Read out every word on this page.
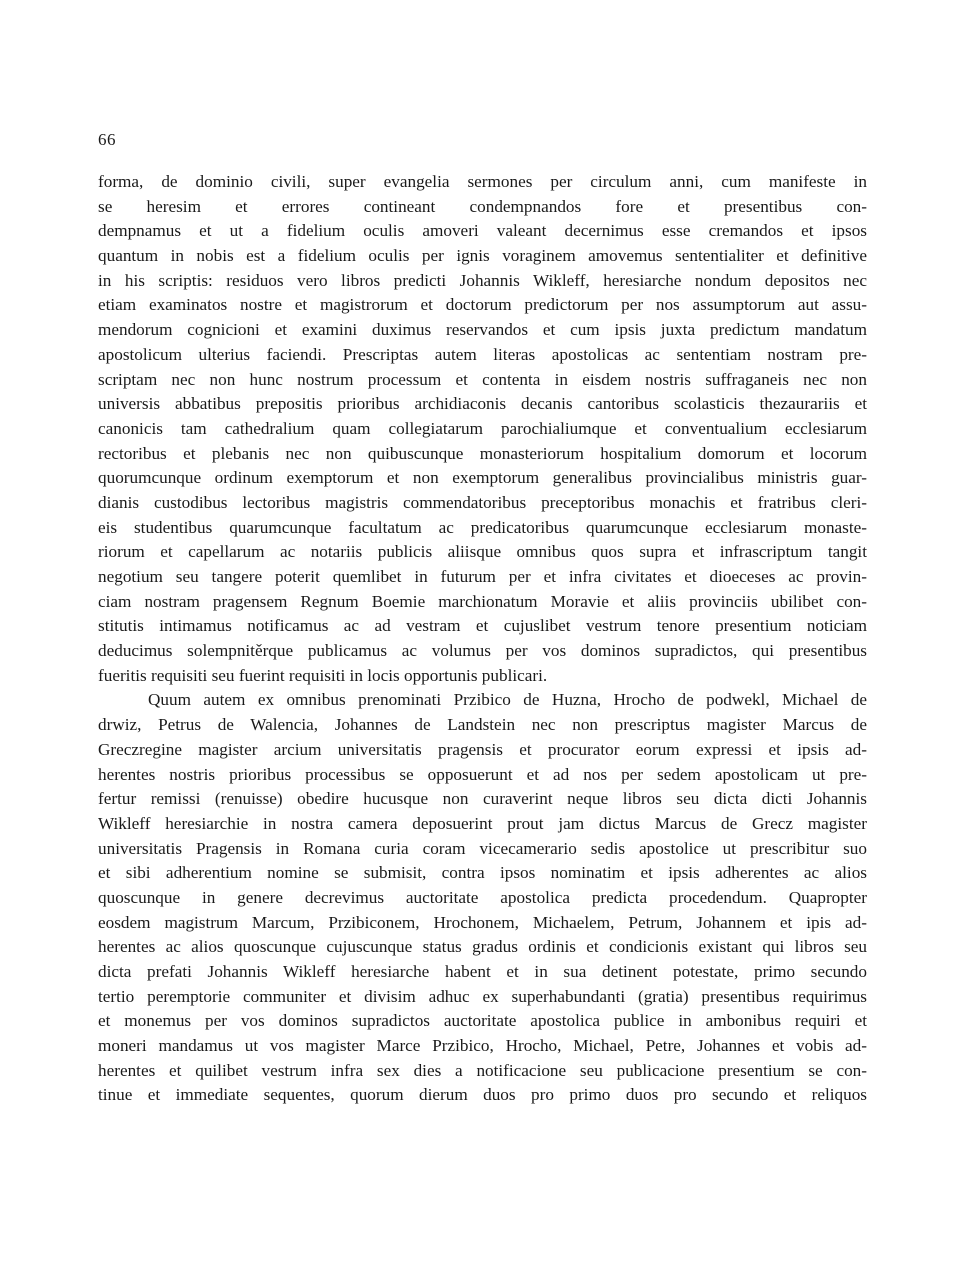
66
forma, de dominio civili, super evangelia sermones per circulum anni, cum manifeste in
se heresim et errores contineant condempnandos fore et presentibus con-
dempnamus et ut a fidelium oculis amoveri valeant decernimus esse cremandos et ipsos
quantum in nobis est a fidelium oculis per ignis voraginem amovemus sententialiter et definitive
in his scriptis: residuos vero libros predicti Johannis Wikleff, heresiarche nondum depositos nec
etiam examinatos nostre et magistrorum et doctorum predictorum per nos assumptorum aut assu-
mendorum cognicioni et examini duximus reservandos et cum ipsis juxta predictum mandatum
apostolicum ulterius faciendi. Prescriptas autem literas apostolicas ac sententiam nostram pre-
scriptam nec non hunc nostrum processum et contenta in eisdem nostris suffraganeis nec non
universis abbatibus prepositis prioribus archidiaconis decanis cantoribus scolasticis thezaurariis et
canonicis tam cathedralium quam collegiatarum parochialiumque et conventualium ecclesiarum
rectoribus et plebanis nec non quibuscunque monasteriorum hospitalium domorum et locorum
quorumcunque ordinum exemptorum et non exemptorum generalibus provincialibus ministris guar-
dianis custodibus lectoribus magistris commendatoribus preceptoribus monachis et fratribus cleri-
eis studentibus quarumcunque facultatum ac predicatoribus quarumcunque ecclesiarum monaste-
riorum et capellarum ac notariis publicis aliisque omnibus quos supra et infrascriptum tangit
negotium seu tangere poterit quemlibet in futurum per et infra civitates et dioeceses ac provin-
ciam nostram pragensem Regnum Boemie marchionatum Moravie et aliis provinciis ubilibet con-
stitutis intimamus notificamus ac ad vestram et cujuslibet vestrum tenore presentium noticiam
deducimus solempnitěrque publicamus ac volumus per vos dominos supradictos, qui presentibus
fueritis requisiti seu fuerint requisiti in locis opportunis publicari.
Quum autem ex omnibus prenominati Przibico de Huzna, Hrocho de podwekl, Michael de
drwiz, Petrus de Walencia, Johannes de Landstein nec non prescriptus magister Marcus de
Greczregine magister arcium universitatis pragensis et procurator eorum expressi et ipsis ad-
herentes nostris prioribus processibus se opposuerunt et ad nos per sedem apostolicam ut pre-
fertur remissi (renuisse) obedire hucusque non curaverint neque libros seu dicta dicti Johannis
Wikleff heresiarchie in nostra camera deposuerint prout jam dictus Marcus de Grecz magister
universitatis Pragensis in Romana curia coram vicecamerario sedis apostolice ut prescribitur suo
et sibi adherentium nomine se submisit, contra ipsos nominatim et ipsis adherentes ac alios
quoscunque in genere decrevimus auctoritate apostolica predicta procedendum. Quapropter
eosdem magistrum Marcum, Przibiconem, Hrochonem, Michaelem, Petrum, Johannem et ipis ad-
herentes ac alios quoscunque cujuscunque status gradus ordinis et condicionis existant qui libros seu
dicta prefati Johannis Wikleff heresiarche habent et in sua detinent potestate, primo secundo
tertio peremptorie communiter et divisim adhuc ex superhabundanti (gratia) presentibus requirimus
et monemus per vos dominos supradictos auctoritate apostolica publice in ambonibus requiri et
moneri mandamus ut vos magister Marce Przibico, Hrocho, Michael, Petre, Johannes et vobis ad-
herentes et quilibet vestrum infra sex dies a notificacione seu publicacione presentium se con-
tinue et immediate sequentes, quorum dierum duos pro primo duos pro secundo et reliquos
